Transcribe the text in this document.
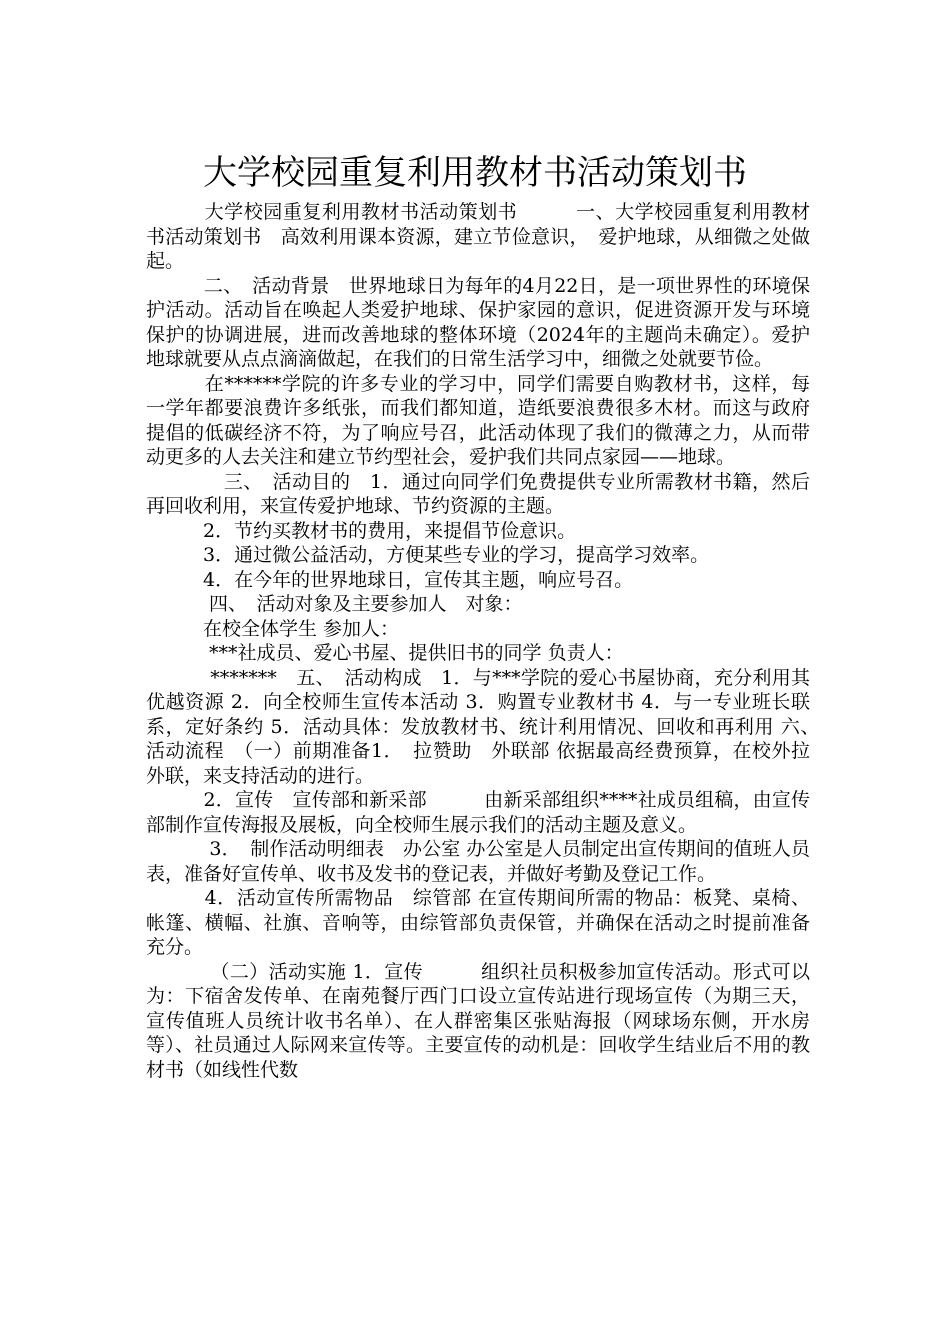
大学校园重复利用教材书活动策划书

　　　大学校园重复利用教材书活动策划书　　　一、大学校园重复利用教材书活动策划书　高效利用课本资源，建立节俭意识，　爱护地球，从细微之处做起。

　　　二、　活动背景　世界地球日为每年的4月22日，是一项世界性的环境保护活动。活动旨在唤起人类爱护地球、保护家园的意识，促进资源开发与环境保护的协调进展，进而改善地球的整体环境（2024年的主题尚未确定）。爱护地球就要从点点滴滴做起，在我们的日常生活学习中，细微之处就要节俭。

　　　在******学院的许多专业的学习中，同学们需要自购教材书，这样，每一学年都要浪费许多纸张，而我们都知道，造纸要浪费很多木材。而这与政府提倡的低碳经济不符，为了响应号召，此活动体现了我们的微薄之力，从而带动更多的人去关注和建立节约型社会，爱护我们共同点家园——地球。

　　　　三、　活动目的　1．通过向同学们免费提供专业所需教材书籍，然后再回收利用，来宣传爱护地球、节约资源的主题。

　　　2．节约买教材书的费用，来提倡节俭意识。

　　　3．通过微公益活动，方便某些专业的学习，提高学习效率。

　　　4．在今年的世界地球日，宣传其主题，响应号召。

　　　 四、　活动对象及主要参加人　对象：

　　　在校全体学生 参加人：

　　　 ***社成员、爱心书屋、提供旧书的同学 负责人：

　　　 *******　五、　活动构成　1．与***学院的爱心书屋协商，充分利用其优越资源 2．向全校师生宣传本活动 3．购置专业教材书 4．与一专业班长联系，定好条约 5．活动具体：发放教材书、统计利用情况、回收和再利用 六、　活动流程　（一）前期准备1．　拉赞助　外联部 依据最高经费预算，在校外拉外联，来支持活动的进行。

　　　2．宣传　宣传部和新采部　　　由新采部组织****社成员组稿，由宣传部制作宣传海报及展板，向全校师生展示我们的活动主题及意义。

　　　 3．　制作活动明细表　办公室 办公室是人员制定出宣传期间的值班人员表，准备好宣传单、收书及发书的登记表，并做好考勤及登记工作。

　　　4．活动宣传所需物品　综管部 在宣传期间所需的物品：板凳、桌椅、帐篷、横幅、社旗、音响等，由综管部负责保管，并确保在活动之时提前准备充分。

　　　 （二）活动实施 1．宣传　　　组织社员积极参加宣传活动。形式可以为：下宿舍发传单、在南苑餐厅西门口设立宣传站进行现场宣传（为期三天，宣传值班人员统计收书名单）、在人群密集区张贴海报（网球场东侧，开水房等）、社员通过人际网来宣传等。主要宣传的动机是：回收学生结业后不用的教材书（如线性代数
